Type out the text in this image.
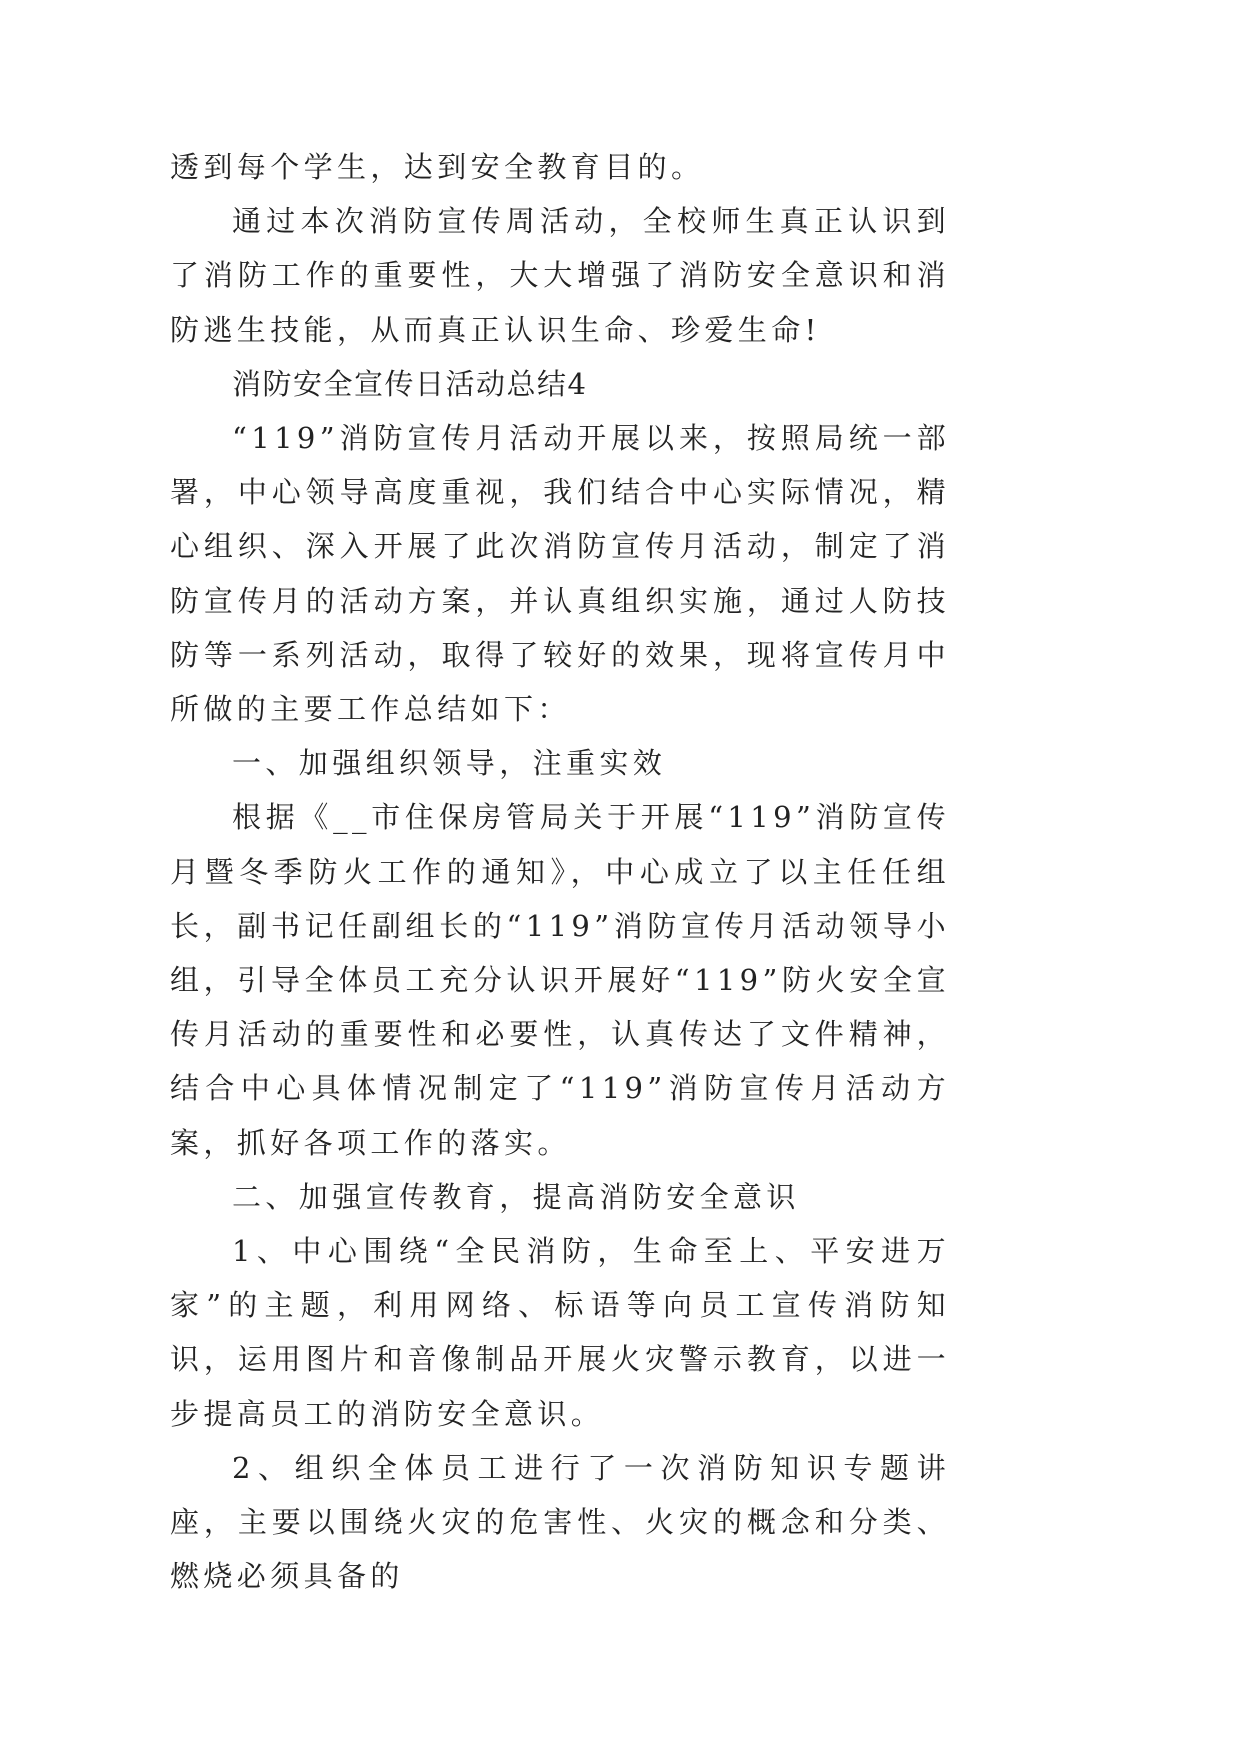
透到每个学生，达到安全教育目的。

通过本次消防宣传周活动，全校师生真正认识到了消防工作的重要性，大大增强了消防安全意识和消防逃生技能，从而真正认识生命、珍爱生命!

消防安全宣传日活动总结4

“119”消防宣传月活动开展以来，按照局统一部署，中心领导高度重视，我们结合中心实际情况，精心组织、深入开展了此次消防宣传月活动，制定了消防宣传月的活动方案，并认真组织实施，通过人防技防等一系列活动，取得了较好的效果，现将宣传月中所做的主要工作总结如下：

一、加强组织领导，注重实效

根据《__市住保房管局关于开展“119”消防宣传月暨冬季防火工作的通知》，中心成立了以主任任组长，副书记任副组长的“119”消防宣传月活动领导小组，引导全体员工充分认识开展好“119”防火安全宣传月活动的重要性和必要性，认真传达了文件精神，结合中心具体情况制定了“119”消防宣传月活动方案，抓好各项工作的落实。

二、加强宣传教育，提高消防安全意识

1、中心围绕“全民消防，生命至上、平安进万家”的主题，利用网络、标语等向员工宣传消防知识，运用图片和音像制品开展火灾警示教育，以进一步提高员工的消防安全意识。

2、组织全体员工进行了一次消防知识专题讲座，主要以围绕火灾的危害性、火灾的概念和分类、燃烧必须具备的
